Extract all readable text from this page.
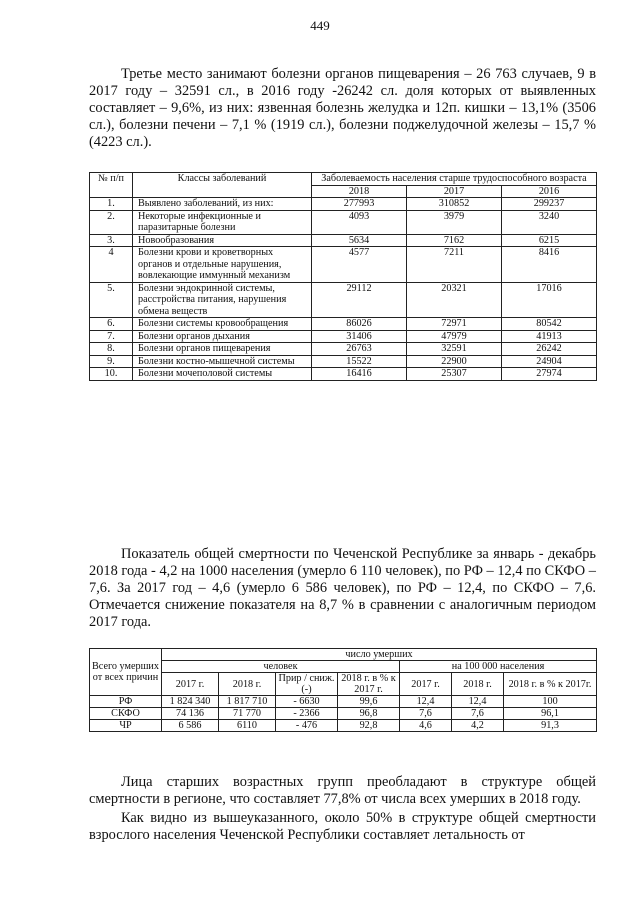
449

Третье место занимают болезни органов пищеварения – 26 763 случаев, 9 в 2017 году – 32591 сл., в 2016 году -26242 сл. доля которых от выявленных составляет – 9,6%, из них: язвенная болезнь желудка и 12п. кишки – 13,1% (3506 сл.), болезни печени – 7,1 % (1919 сл.), болезни поджелудочной железы – 15,7 % (4223 сл.).

№ п/п	Классы заболеваний	Заболеваемость населения старше трудоспособного возраста		
		2018	2017	2016
1.	Выявлено заболеваний, из них:	277993	310852	299237
2.	Некоторые инфекционные и паразитарные болезни	4093	3979	3240
3.	Новообразования	5634	7162	6215
4	Болезни крови и кроветворных органов и отдельные нарушения, вовлекающие иммунный механизм	4577	7211	8416
5.	Болезни эндокринной системы, расстройства питания, нарушения обмена веществ	29112	20321	17016
6.	Болезни системы кровообращения	86026	72971	80542
7.	Болезни органов дыхания	31406	47979	41913
8.	Болезни органов пищеварения	26763	32591	26242
9.	Болезни костно-мышечной системы	15522	22900	24904
10.	Болезни мочеполовой системы	16416	25307	27974

Показатель общей смертности по Чеченской Республике за январь - декабрь 2018 года - 4,2 на 1000 населения (умерло 6 110 человек), по РФ – 12,4 по СКФО – 7,6. За 2017 год – 4,6 (умерло 6 586 человек), по РФ – 12,4, по СКФО – 7,6. Отмечается снижение показателя на 8,7 % в сравнении с аналогичным периодом 2017 года.

Всего умерших от всех причин	число умерших						
	человек				на 100 000 населения		
	2017 г.	2018 г.	Прир / сниж. (-)	2018 г. в % к 2017 г.	2017 г.	2018 г.	2018 г. в % к 2017г.
РФ	1 824 340	1 817 710	- 6630	99,6	12,4	12,4	100
СКФО	74 136	71 770	- 2366	96,8	7,6	7,6	96,1
ЧР	6 586	6110	- 476	92,8	4,6	4,2	91,3

Лица старших возрастных групп преобладают в структуре общей смертности в регионе, что составляет 77,8% от числа всех умерших в 2018 году.

Как видно из вышеуказанного, около 50% в структуре общей смертности взрослого населения Чеченской Республики составляет летальность от
